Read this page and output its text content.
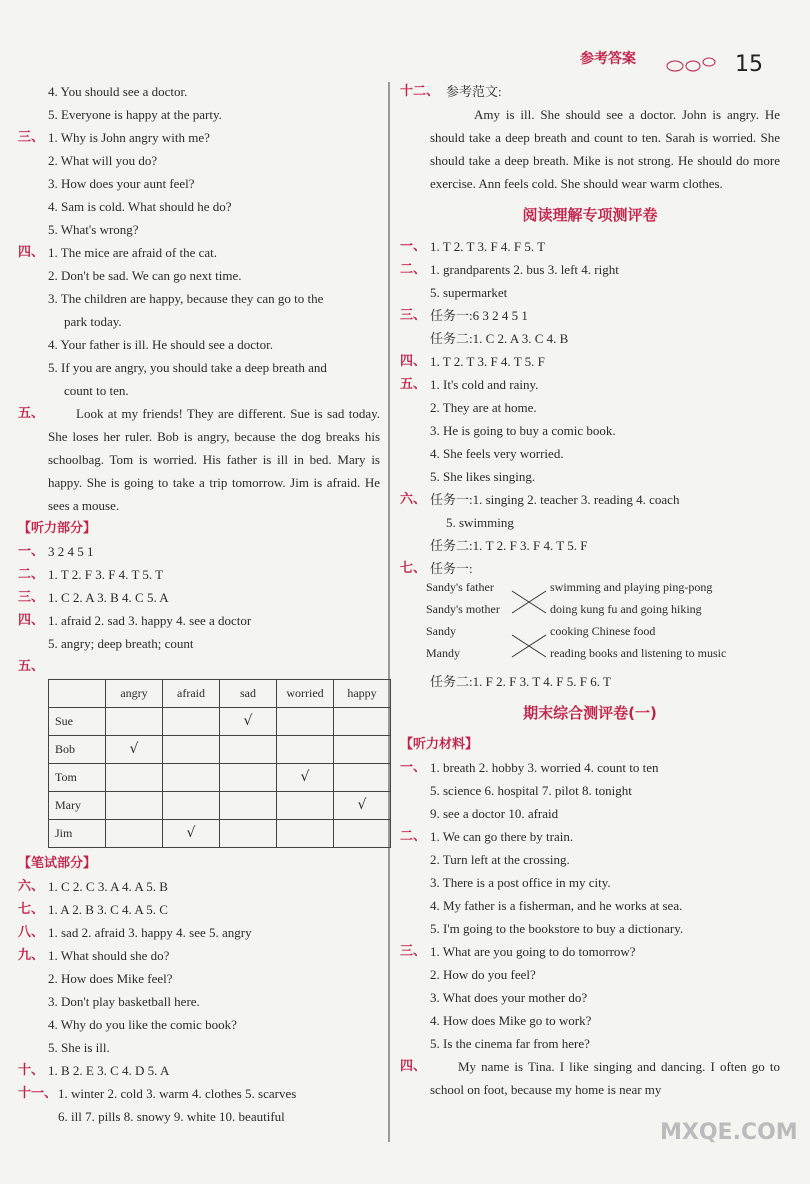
参考答案	15
4. You should see a doctor.
5. Everyone is happy at the party.
三、 1. Why is John angry with me?
2. What will you do?
3. How does your aunt feel?
4. Sam is cold. What should he do?
5. What's wrong?
四、 1. The mice are afraid of the cat.
2. Don't be sad. We can go next time.
3. The children are happy, because they can go to the
park today.
4. Your father is ill. He should see a doctor.
5. If you are angry, you should take a deep breath and
count to ten.
五、	Look at my friends! They are different. Sue is sad today. She loses her ruler. Bob is angry, because the dog breaks his schoolbag. Tom is worried. His father is ill in bed. Mary is happy. She is going to take a trip tomorrow. Jim is afraid. He sees a mouse.
【听力部分】
一、 3 2 4 5 1
二、 1. T 2. F 3. F 4. T 5. T
三、 1. C 2. A 3. B 4. C 5. A
四、 1. afraid 2. sad 3. happy 4. see a doctor
5. angry; deep breath; count
五、
	angry	afraid	sad	worried	happy
Sue			√		
Bob	√				
Tom				√	
Mary					√
Jim		√			
【笔试部分】
六、 1. C 2. C 3. A 4. A 5. B
七、 1. A 2. B 3. C 4. A 5. C
八、 1. sad 2. afraid 3. happy 4. see 5. angry
九、 1. What should she do?
2. How does Mike feel?
3. Don't play basketball here.
4. Why do you like the comic book?
5. She is ill.
十、 1. B 2. E 3. C 4. D 5. A
十一、 1. winter 2. cold 3. warm 4. clothes 5. scarves
6. ill 7. pills 8. snowy 9. white 10. beautiful
十二、 参考范文:
Amy is ill. She should see a doctor. John is angry. He should take a deep breath and count to ten. Sarah is worried. She should take a deep breath. Mike is not strong. He should do more exercise. Ann feels cold. She should wear warm clothes.
阅读理解专项测评卷
一、 1. T 2. T 3. F 4. F 5. T
二、 1. grandparents 2. bus 3. left 4. right
5. supermarket
三、 任务一:6 3 2 4 5 1
任务二:1. C 2. A 3. C 4. B
四、 1. T 2. T 3. F 4. T 5. F
五、 1. It's cold and rainy.
2. They are at home.
3. He is going to buy a comic book.
4. She feels very worried.
5. She likes singing.
六、 任务一:1. singing 2. teacher 3. reading 4. coach
5. swimming
任务二:1. T 2. F 3. F 4. T 5. F
七、 任务一:
Sandy's father
Sandy's mother
Sandy
Mandy
swimming and playing ping-pong
doing kung fu and going hiking
cooking Chinese food
reading books and listening to music
任务二:1. F 2. F 3. T 4. F 5. F 6. T
期末综合测评卷(一)
【听力材料】
一、 1. breath 2. hobby 3. worried 4. count to ten
5. science 6. hospital 7. pilot 8. tonight
9. see a doctor 10. afraid
二、 1. We can go there by train.
2. Turn left at the crossing.
3. There is a post office in my city.
4. My father is a fisherman, and he works at sea.
5. I'm going to the bookstore to buy a dictionary.
三、 1. What are you going to do tomorrow?
2. How do you feel?
3. What does your mother do?
4. How does Mike go to work?
5. Is the cinema far from here?
四、	My name is Tina. I like singing and dancing. I often go to school on foot, because my home is near my
MXQE.COM
